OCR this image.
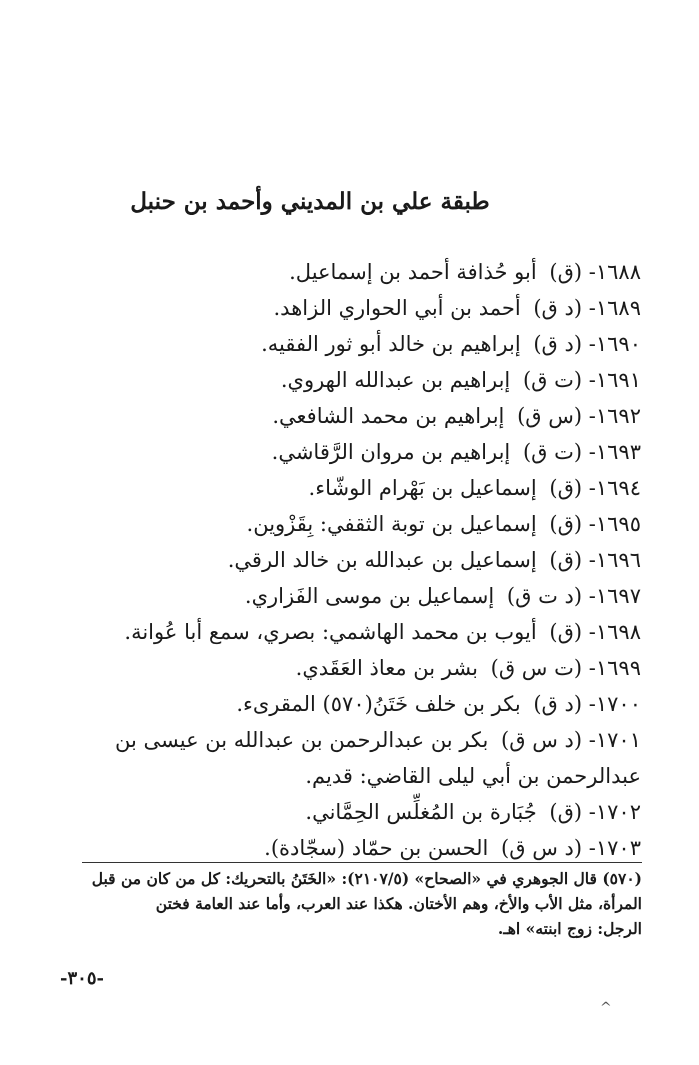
طبقة علي بن المديني وأحمد بن حنبل
١٦٨٨- (ق) أبو حُذافة أحمد بن إسماعيل.
١٦٨٩- (د ق) أحمد بن أبي الحواري الزاهد.
١٦٩٠- (د ق) إبراهيم بن خالد أبو ثور الفقيه.
١٦٩١- (ت ق) إبراهيم بن عبدالله الهروي.
١٦٩٢- (س ق) إبراهيم بن محمد الشافعي.
١٦٩٣- (ت ق) إبراهيم بن مروان الرَّقاشي.
١٦٩٤- (ق) إسماعيل بن بَهْرام الوشّاء.
١٦٩٥- (ق) إسماعيل بن توبة الثقفي: بِقَزْوين.
١٦٩٦- (ق) إسماعيل بن عبدالله بن خالد الرقي.
١٦٩٧- (د ت ق) إسماعيل بن موسى الفَزاري.
١٦٩٨- (ق) أيوب بن محمد الهاشمي: بصري، سمع أبا عُوانة.
١٦٩٩- (ت س ق) بشر بن معاذ العَقَدي.
١٧٠٠- (د ق) بكر بن خلف خَتَنُ(٥٧٠) المقرىء.
١٧٠١- (د س ق) بكر بن عبدالرحمن بن عبدالله بن عيسى بن
عبدالرحمن بن أبي ليلى القاضي: قديم.
١٧٠٢- (ق) جُبَارة بن المُغلِّس الحِمَّاني.
١٧٠٣- (د س ق) الحسن بن حمّاد (سجّادة).
(٥٧٠) قال الجوهري في «الصحاح» (٢١٠٧/٥): «الخَتَنُ بالتحريك: كل من كان من قبل
المرأة، مثل الأب والأخ، وهم الأختان. هكذا عند العرب، وأما عند العامة فختن
الرجل: زوج ابنته» اهـ.
-٣٠٥-
^
